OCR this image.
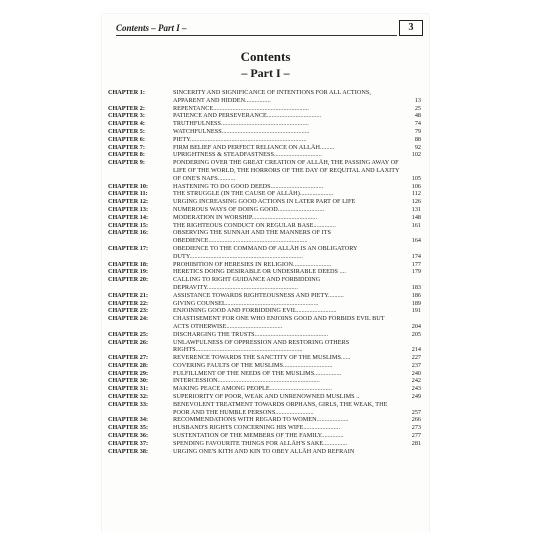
Contents – Part I –	3
Contents
– Part I –
CHAPTER 1:	SINCERITY AND SIGNIFICANCE OF INTENTIONS FOR ALL ACTIONS, APPARENT AND HIDDEN................	13
CHAPTER 2:	REPENTANCE............................................................	25
CHAPTER 3:	PATIENCE AND PERSEVERANCE..................................	48
CHAPTER 4:	TRUTHFULNESS.......................................................	74
CHAPTER 5:	WATCHFULNESS.......................................................	79
CHAPTER 6:	PIETY.........................................................................	88
CHAPTER 7:	FIRM BELIEF AND PERFECT RELIANCE ON ALLĀH.........	92
CHAPTER 8:	UPRIGHTNESS & STEADFASTNESS..............................	102
CHAPTER 9:	PONDERING OVER THE GREAT CREATION OF ALLĀH, THE PASSING AWAY OF LIFE OF THE WORLD, THE HORRORS OF THE DAY OF REQUITAL AND LAXITY OF ONE'S NAFS...........	105
CHAPTER 10:	HASTENING TO DO GOOD DEEDS.................................	106
CHAPTER 11:	THE STRUGGLE (IN THE CAUSE OF ALLĀH).....................	112
CHAPTER 12:	URGING INCREASING GOOD ACTIONS IN LATER PART OF LIFE	126
CHAPTER 13:	NUMEROUS WAYS OF DOING GOOD.............................	131
CHAPTER 14:	MODERATION IN WORSHIP.........................................	148
CHAPTER 15:	THE RIGHTEOUS CONDUCT ON REGULAR BASE..............	161
CHAPTER 16:	OBSERVING THE SUNNAH AND THE MANNERS OF ITS OBEDIENCE..............................................................	164
CHAPTER 17:	OBEDIENCE TO THE COMMAND OF ALLĀH IS AN OBLIGATORY DUTY.......................................................................	174
CHAPTER 18:	PROHIBITION OF HERESIES IN RELIGION........................	177
CHAPTER 19:	HERETICS DOING DESIRABLE OR UNDESIRABLE DEEDS ....	179
CHAPTER 20:	CALLING TO RIGHT GUIDANCE AND FORBIDDING DEPRAVITY.........................................................	183
CHAPTER 21:	ASSISTANCE TOWARDS RIGHTEOUSNESS AND PIETY..........	186
CHAPTER 22:	GIVING COUNSEL..........................................................	189
CHAPTER 23:	ENJOINING GOOD AND FORBIDDING EVIL.........................	191
CHAPTER 24:	CHASTISEMENT FOR ONE WHO ENJOINS GOOD AND FORBIDS EVIL BUT ACTS OTHERWISE...................................	204
CHAPTER 25:	DISCHARGING THE TRUSTS..............................................	205
CHAPTER 26:	UNLAWFULNESS OF OPPRESSION AND RESTORING OTHERS RIGHTS...................................................................	214
CHAPTER 27:	REVERENCE TOWARDS THE SANCTITY OF THE MUSLIMS......	227
CHAPTER 28:	COVERING FAULTS OF THE MUSLIMS...............................	237
CHAPTER 29:	FULFILLMENT OF THE NEEDS OF THE MUSLIMS.................	240
CHAPTER 30:	INTERCESSION................................................................	242
CHAPTER 31:	MAKING PEACE AMONG PEOPLE.......................................	243
CHAPTER 32:	SUPERIORITY OF POOR, WEAK AND UNRENOWNED MUSLIMS ..	249
CHAPTER 33:	BENEVOLENT TREATMENT TOWARDS ORPHANS, GIRLS, THE WEAK, THE POOR AND THE HUMBLE PERSONS........................	257
CHAPTER 34:	RECOMMENDATIONS WITH REGARD TO WOMEN....................	266
CHAPTER 35:	HUSBAND'S RIGHTS CONCERNING HIS WIFE.......................	273
CHAPTER 36:	SUSTENTATION OF THE MEMBERS OF THE FAMILY..............	277
CHAPTER 37:	SPENDING FAVOURITE THINGS FOR ALLĀH'S SAKE...............	281
CHAPTER 38:	URGING ONE'S KITH AND KIN TO OBEY ALLĀH AND REFRAIN
